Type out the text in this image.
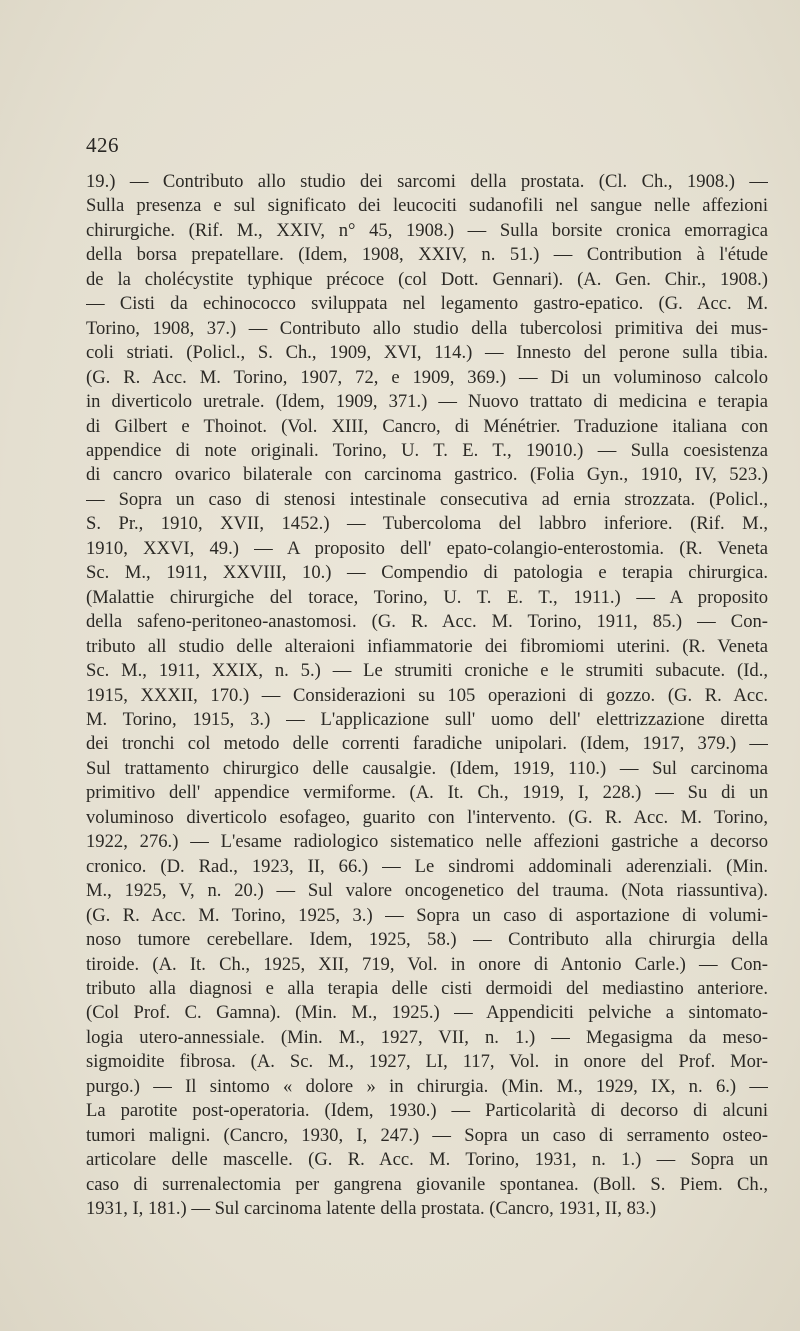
426
19.) — Contributo allo studio dei sarcomi della prostata. (Cl. Ch., 1908.) —
Sulla presenza e sul significato dei leucociti sudanofili nel sangue nelle affezioni
chirurgiche. (Rif. M., XXIV, n° 45, 1908.) — Sulla borsite cronica emorragica
della borsa prepatellare. (Idem, 1908, XXIV, n. 51.) — Contribution à l'étude
de la cholécystite typhique précoce (col Dott. Gennari). (A. Gen. Chir., 1908.)
— Cisti da echinococco sviluppata nel legamento gastro-epatico. (G. Acc. M.
Torino, 1908, 37.) — Contributo allo studio della tubercolosi primitiva dei mus-
coli striati. (Policl., S. Ch., 1909, XVI, 114.) — Innesto del perone sulla tibia.
(G. R. Acc. M. Torino, 1907, 72, e 1909, 369.) — Di un voluminoso calcolo
in diverticolo uretrale. (Idem, 1909, 371.) — Nuovo trattato di medicina e terapia
di Gilbert e Thoinot. (Vol. XIII, Cancro, di Ménétrier. Traduzione italiana con
appendice di note originali. Torino, U. T. E. T., 19010.) — Sulla coesistenza
di cancro ovarico bilaterale con carcinoma gastrico. (Folia Gyn., 1910, IV, 523.)
— Sopra un caso di stenosi intestinale consecutiva ad ernia strozzata. (Policl.,
S. Pr., 1910, XVII, 1452.) — Tubercoloma del labbro inferiore. (Rif. M.,
1910, XXVI, 49.) — A proposito dell' epato-colangio-enterostomia. (R. Veneta
Sc. M., 1911, XXVIII, 10.) — Compendio di patologia e terapia chirurgica.
(Malattie chirurgiche del torace, Torino, U. T. E. T., 1911.) — A proposito
della safeno-peritoneo-anastomosi. (G. R. Acc. M. Torino, 1911, 85.) — Con-
tributo all studio delle alteraioni infiammatorie dei fibromiomi uterini. (R. Veneta
Sc. M., 1911, XXIX, n. 5.) — Le strumiti croniche e le strumiti subacute. (Id.,
1915, XXXII, 170.) — Considerazioni su 105 operazioni di gozzo. (G. R. Acc.
M. Torino, 1915, 3.) — L'applicazione sull' uomo dell' elettrizzazione diretta
dei tronchi col metodo delle correnti faradiche unipolari. (Idem, 1917, 379.) —
Sul trattamento chirurgico delle causalgie. (Idem, 1919, 110.) — Sul carcinoma
primitivo dell' appendice vermiforme. (A. It. Ch., 1919, I, 228.) — Su di un
voluminoso diverticolo esofageo, guarito con l'intervento. (G. R. Acc. M. Torino,
1922, 276.) — L'esame radiologico sistematico nelle affezioni gastriche a decorso
cronico. (D. Rad., 1923, II, 66.) — Le sindromi addominali aderenziali. (Min.
M., 1925, V, n. 20.) — Sul valore oncogenetico del trauma. (Nota riassuntiva).
(G. R. Acc. M. Torino, 1925, 3.) — Sopra un caso di asportazione di volumi-
noso tumore cerebellare. Idem, 1925, 58.) — Contributo alla chirurgia della
tiroide. (A. It. Ch., 1925, XII, 719, Vol. in onore di Antonio Carle.) — Con-
tributo alla diagnosi e alla terapia delle cisti dermoidi del mediastino anteriore.
(Col Prof. C. Gamna). (Min. M., 1925.) — Appendiciti pelviche a sintomato-
logia utero-annessiale. (Min. M., 1927, VII, n. 1.) — Megasigma da meso-
sigmoidite fibrosa. (A. Sc. M., 1927, LI, 117, Vol. in onore del Prof. Mor-
purgo.) — Il sintomo « dolore » in chirurgia. (Min. M., 1929, IX, n. 6.) —
La parotite post-operatoria. (Idem, 1930.) — Particolarità di decorso di alcuni
tumori maligni. (Cancro, 1930, I, 247.) — Sopra un caso di serramento osteo-
articolare delle mascelle. (G. R. Acc. M. Torino, 1931, n. 1.) — Sopra un
caso di surrenalectomia per gangrena giovanile spontanea. (Boll. S. Piem. Ch.,
1931, I, 181.) — Sul carcinoma latente della prostata. (Cancro, 1931, II, 83.)
